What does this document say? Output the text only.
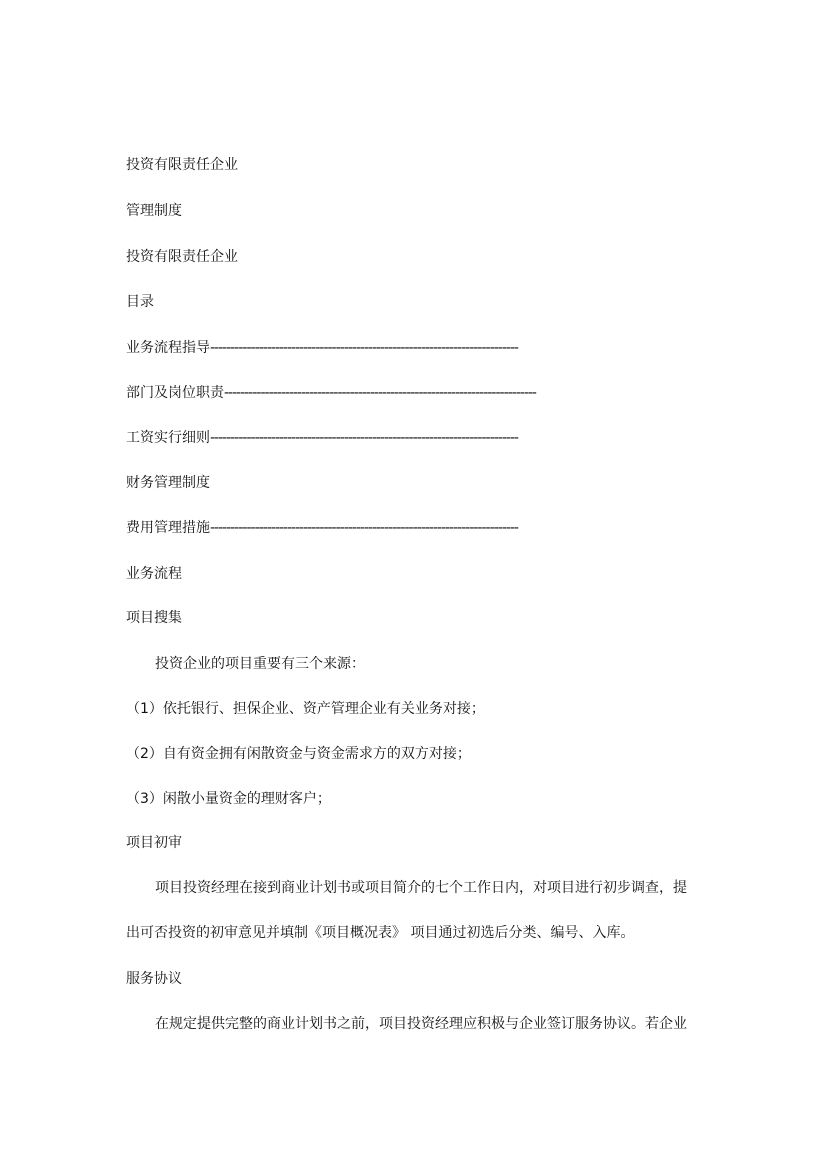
投资有限责任企业
管理制度
投资有限责任企业
目录
业务流程指导----------------------------------------------------------------------------
部门及岗位职责-----------------------------------------------------------------------------
工资实行细则----------------------------------------------------------------------------
财务管理制度
费用管理措施----------------------------------------------------------------------------
业务流程
项目搜集
投资企业的项目重要有三个来源：
（1）依托银行、担保企业、资产管理企业有关业务对接；
（2）自有资金拥有闲散资金与资金需求方的双方对接；
（3）闲散小量资金的理财客户；
项目初审

项目投资经理在接到商业计划书或项目简介的七个工作日内，对项目进行初步调查，提

出可否投资的初审意见并填制《项目概况表》 项目通过初选后分类、编号、入库。

服务协议

在规定提供完整的商业计划书之前，项目投资经理应积极与企业签订服务协议。若企业
